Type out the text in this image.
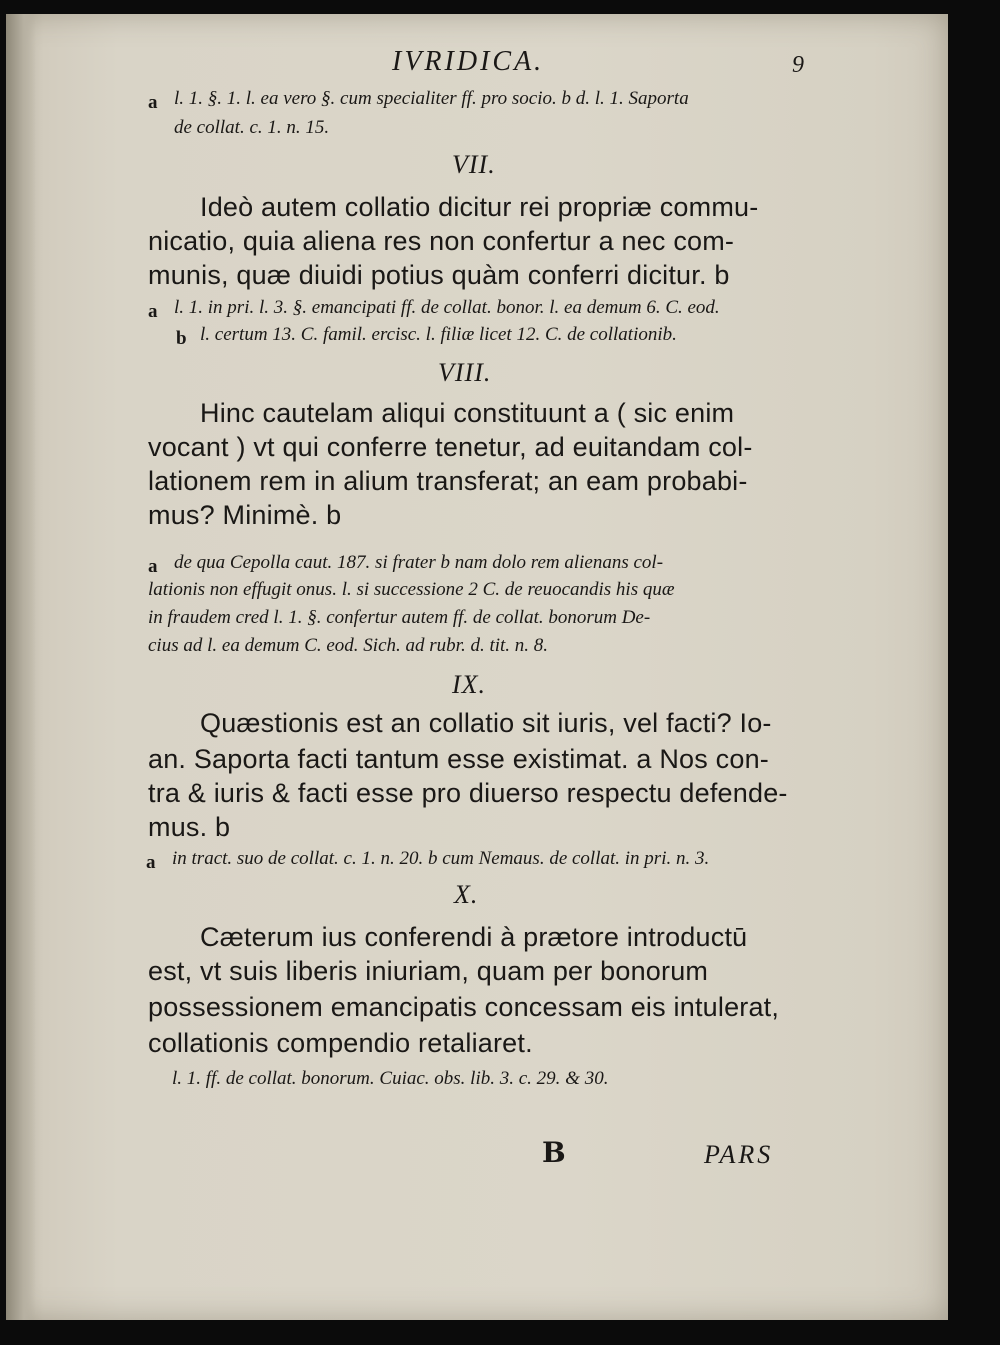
IVRIDICA.	9
a l. 1. §. 1. l. ea vero §. cum specialiter ff. pro socio. b d. l. 1. Saporta
de collat. c. 1. n. 15.
VII.
Ideò autem collatio dicitur rei propriæ commu-
nicatio, quia aliena res non confertur a nec com-
munis, quæ diuidi potius quàm conferri dicitur. b
a l. 1. in pri. l. 3. §. emancipati ff. de collat. bonor. l. ea demum 6. C. eod.
b l. certum 13. C. famil. ercisc. l. filiæ licet 12. C. de collationib.
VIII.
Hinc cautelam aliqui constituunt a ( sic enim
vocant ) vt qui conferre tenetur, ad euitandam col-
lationem rem in alium transferat; an eam probabi-
mus? Minimè. b
a de qua Cepolla caut. 187. si frater b nam dolo rem alienans col-
lationis non effugit onus. l. si successione 2 C. de reuocandis his quæ
in fraudem cred l. 1. §. confertur autem ff. de collat. bonorum De-
cius ad l. ea demum C. eod. Sich. ad rubr. d. tit. n. 8.
IX.
Quæstionis est an collatio sit iuris, vel facti? Io-
an. Saporta facti tantum esse existimat. a Nos con-
tra & iuris & facti esse pro diuerso respectu defende-
mus. b
a in tract. suo de collat. c. 1. n. 20. b cum Nemaus. de collat. in pri. n. 3.
X.
Cæterum ius conferendi à prætore introductū
est, vt suis liberis iniuriam, quam per bonorum
possessionem emancipatis concessam eis intulerat,
collationis compendio retaliaret.
l. 1. ff. de collat. bonorum. Cuiac. obs. lib. 3. c. 29. & 30.
B	PARS
